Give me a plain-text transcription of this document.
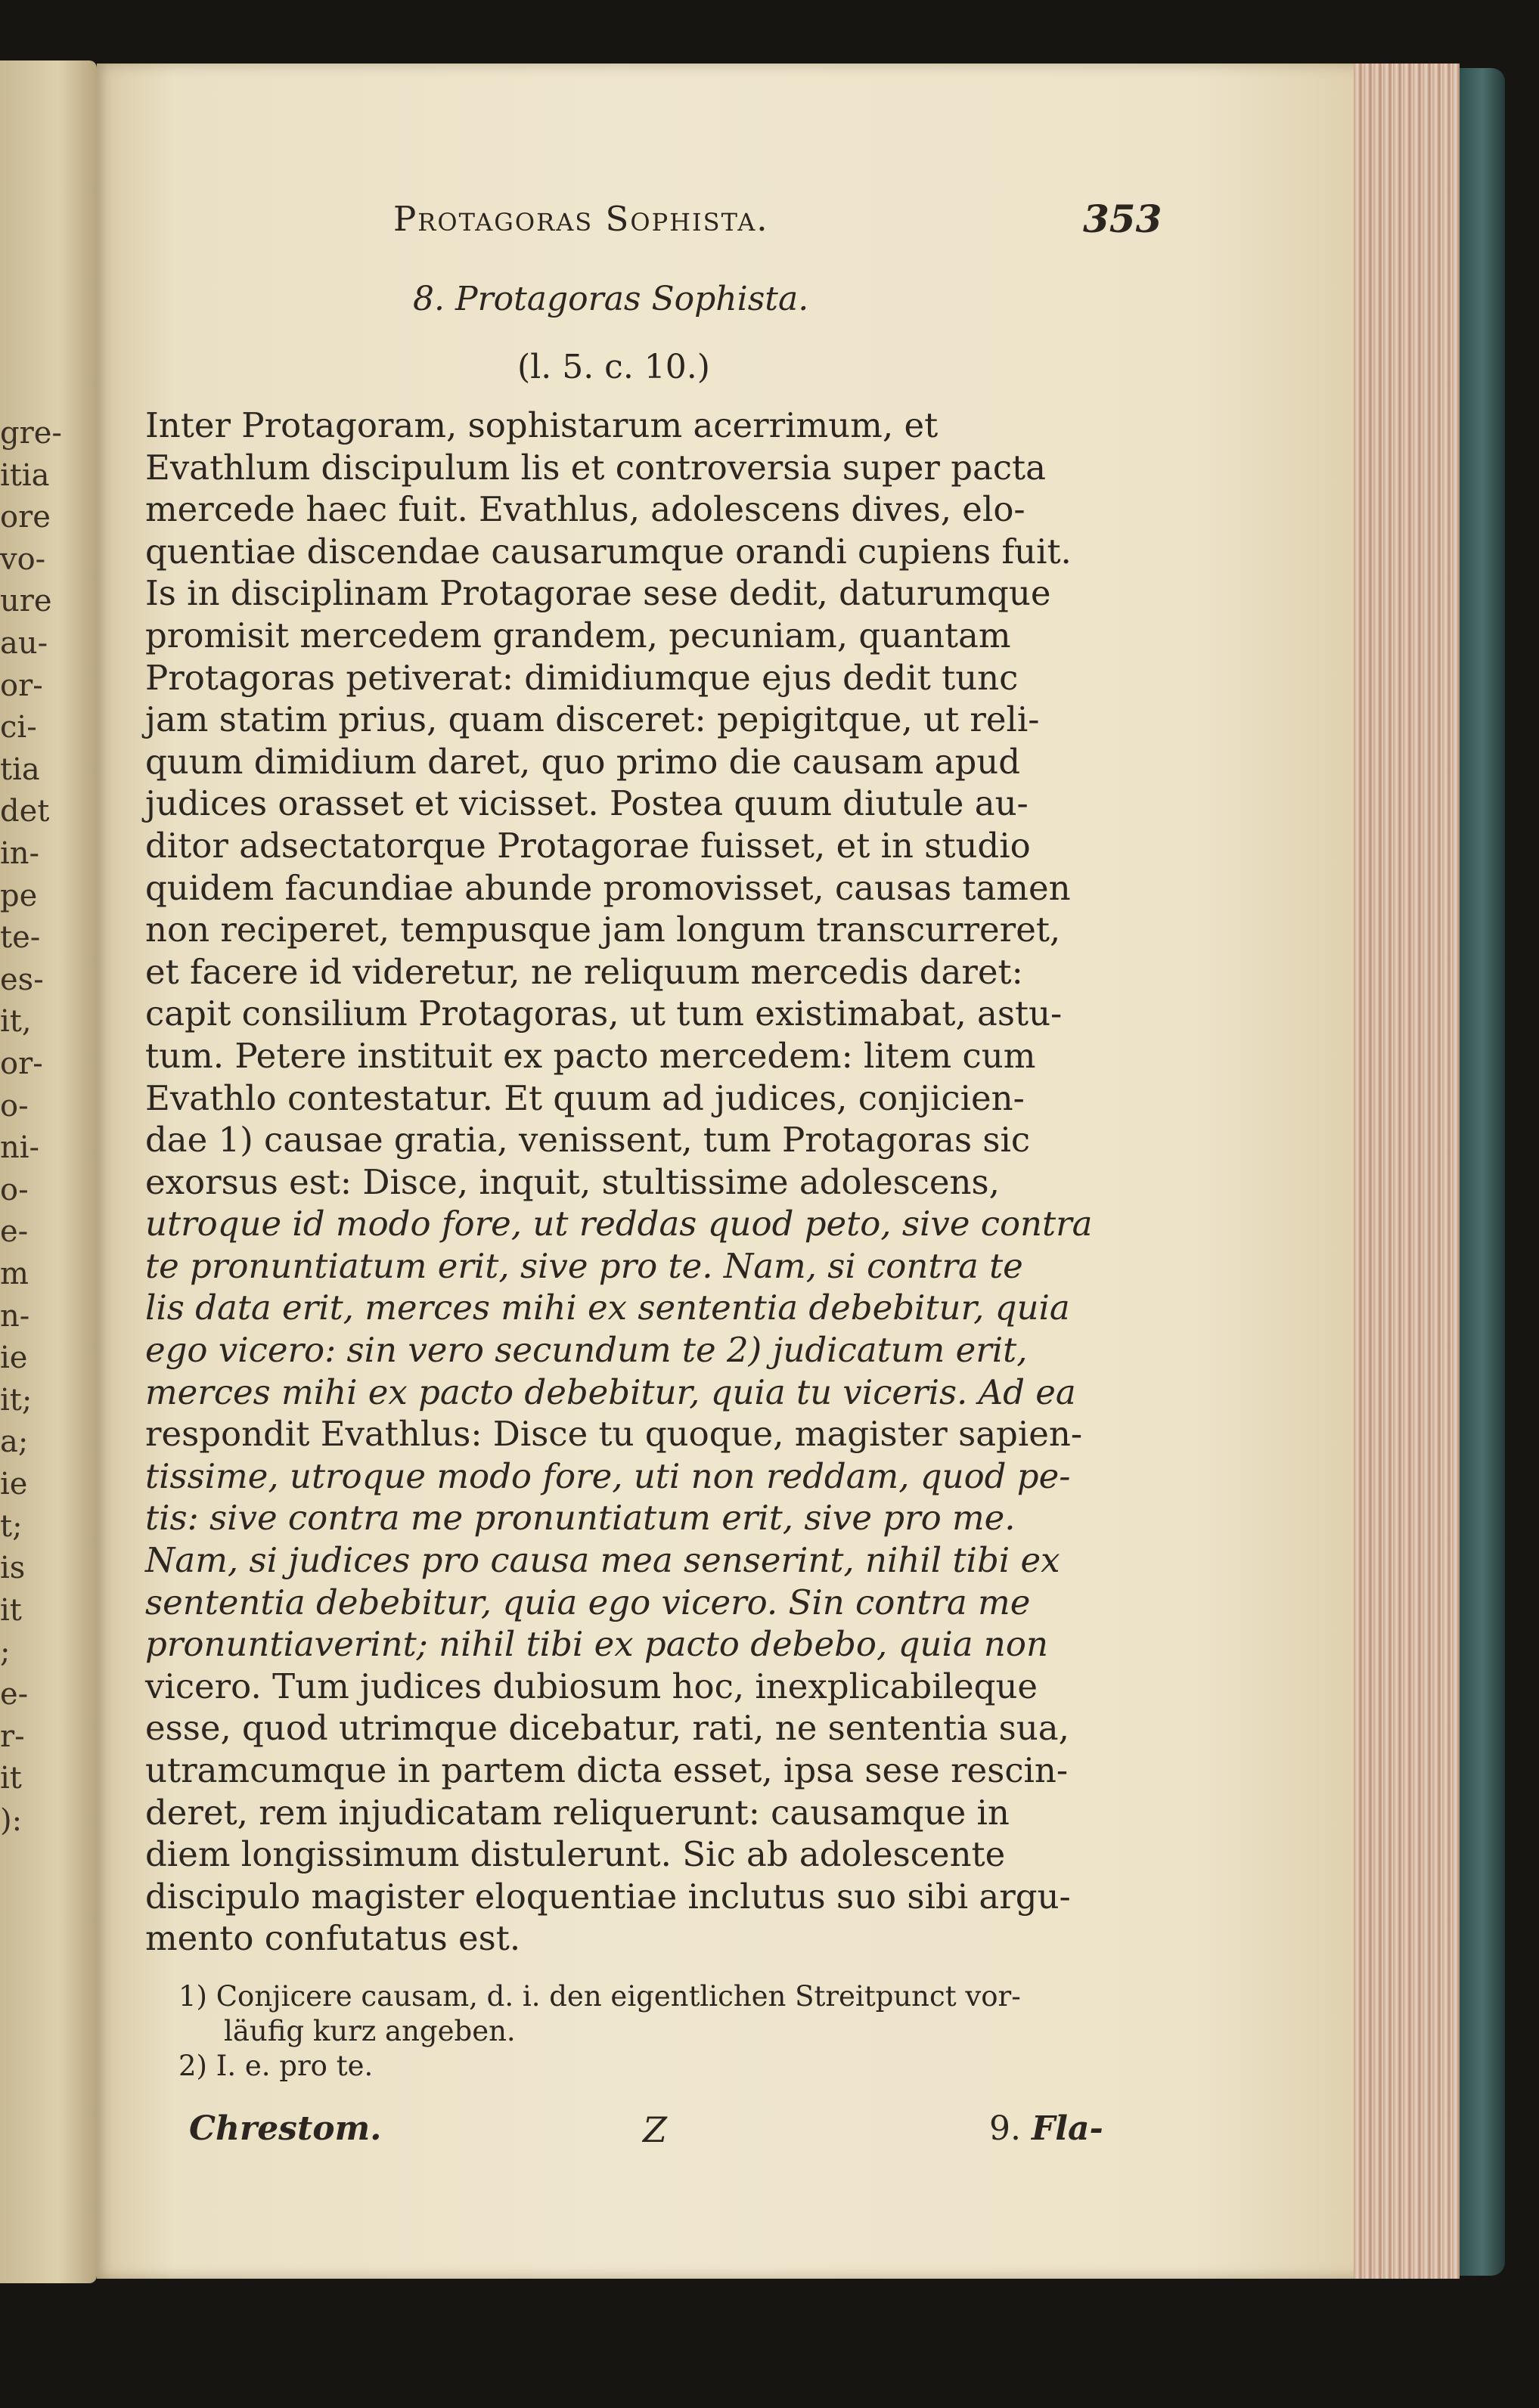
gre-
itia
ore
vo-
ure
au-
or-
ci-
tia
det
in-
pe
te-
es-
it,
or-
o-
ni-
o-
e-
m
n-
ie
it;
a;
ie
t;
is
it
;
e-
r-
it
):
Protagoras Sophista.	353
8. Protagoras Sophista.
(l. 5. c. 10.)
Inter Protagoram, sophistarum acerrimum, et
Evathlum discipulum lis et controversia super pacta
mercede haec fuit. Evathlus, adolescens dives, elo-
quentiae discendae causarumque orandi cupiens fuit.
Is in disciplinam Protagorae sese dedit, daturumque
promisit mercedem grandem, pecuniam, quantam
Protagoras petiverat: dimidiumque ejus dedit tunc
jam statim prius, quam disceret: pepigitque, ut reli-
quum dimidium daret, quo primo die causam apud
judices orasset et vicisset. Postea quum diutule au-
ditor adsectatorque Protagorae fuisset, et in studio
quidem facundiae abunde promovisset, causas tamen
non reciperet, tempusque jam longum transcurreret,
et facere id videretur, ne reliquum mercedis daret:
capit consilium Protagoras, ut tum existimabat, astu-
tum. Petere instituit ex pacto mercedem: litem cum
Evathlo contestatur. Et quum ad judices, conjicien-
dae 1) causae gratia, venissent, tum Protagoras sic
exorsus est: Disce, inquit, stultissime adolescens,
utroque id modo fore, ut reddas quod peto, sive contra
te pronuntiatum erit, sive pro te. Nam, si contra te
lis data erit, merces mihi ex sententia debebitur, quia
ego vicero: sin vero secundum te 2) judicatum erit,
merces mihi ex pacto debebitur, quia tu viceris. Ad ea
respondit Evathlus: Disce tu quoque, magister sapien-
tissime, utroque modo fore, uti non reddam, quod pe-
tis: sive contra me pronuntiatum erit, sive pro me.
Nam, si judices pro causa mea senserint, nihil tibi ex
sententia debebitur, quia ego vicero. Sin contra me
pronuntiaverint; nihil tibi ex pacto debebo, quia non
vicero. Tum judices dubiosum hoc, inexplicabileque
esse, quod utrimque dicebatur, rati, ne sententia sua,
utramcumque in partem dicta esset, ipsa sese rescin-
deret, rem injudicatam reliquerunt: causamque in
diem longissimum distulerunt. Sic ab adolescente
discipulo magister eloquentiae inclutus suo sibi argu-
mento confutatus est.
1) Conjicere causam, d. i. den eigentlichen Streitpunct vor-
läufig kurz angeben.
2) I. e. pro te.
Chrestom.	Z	9. Fla-
